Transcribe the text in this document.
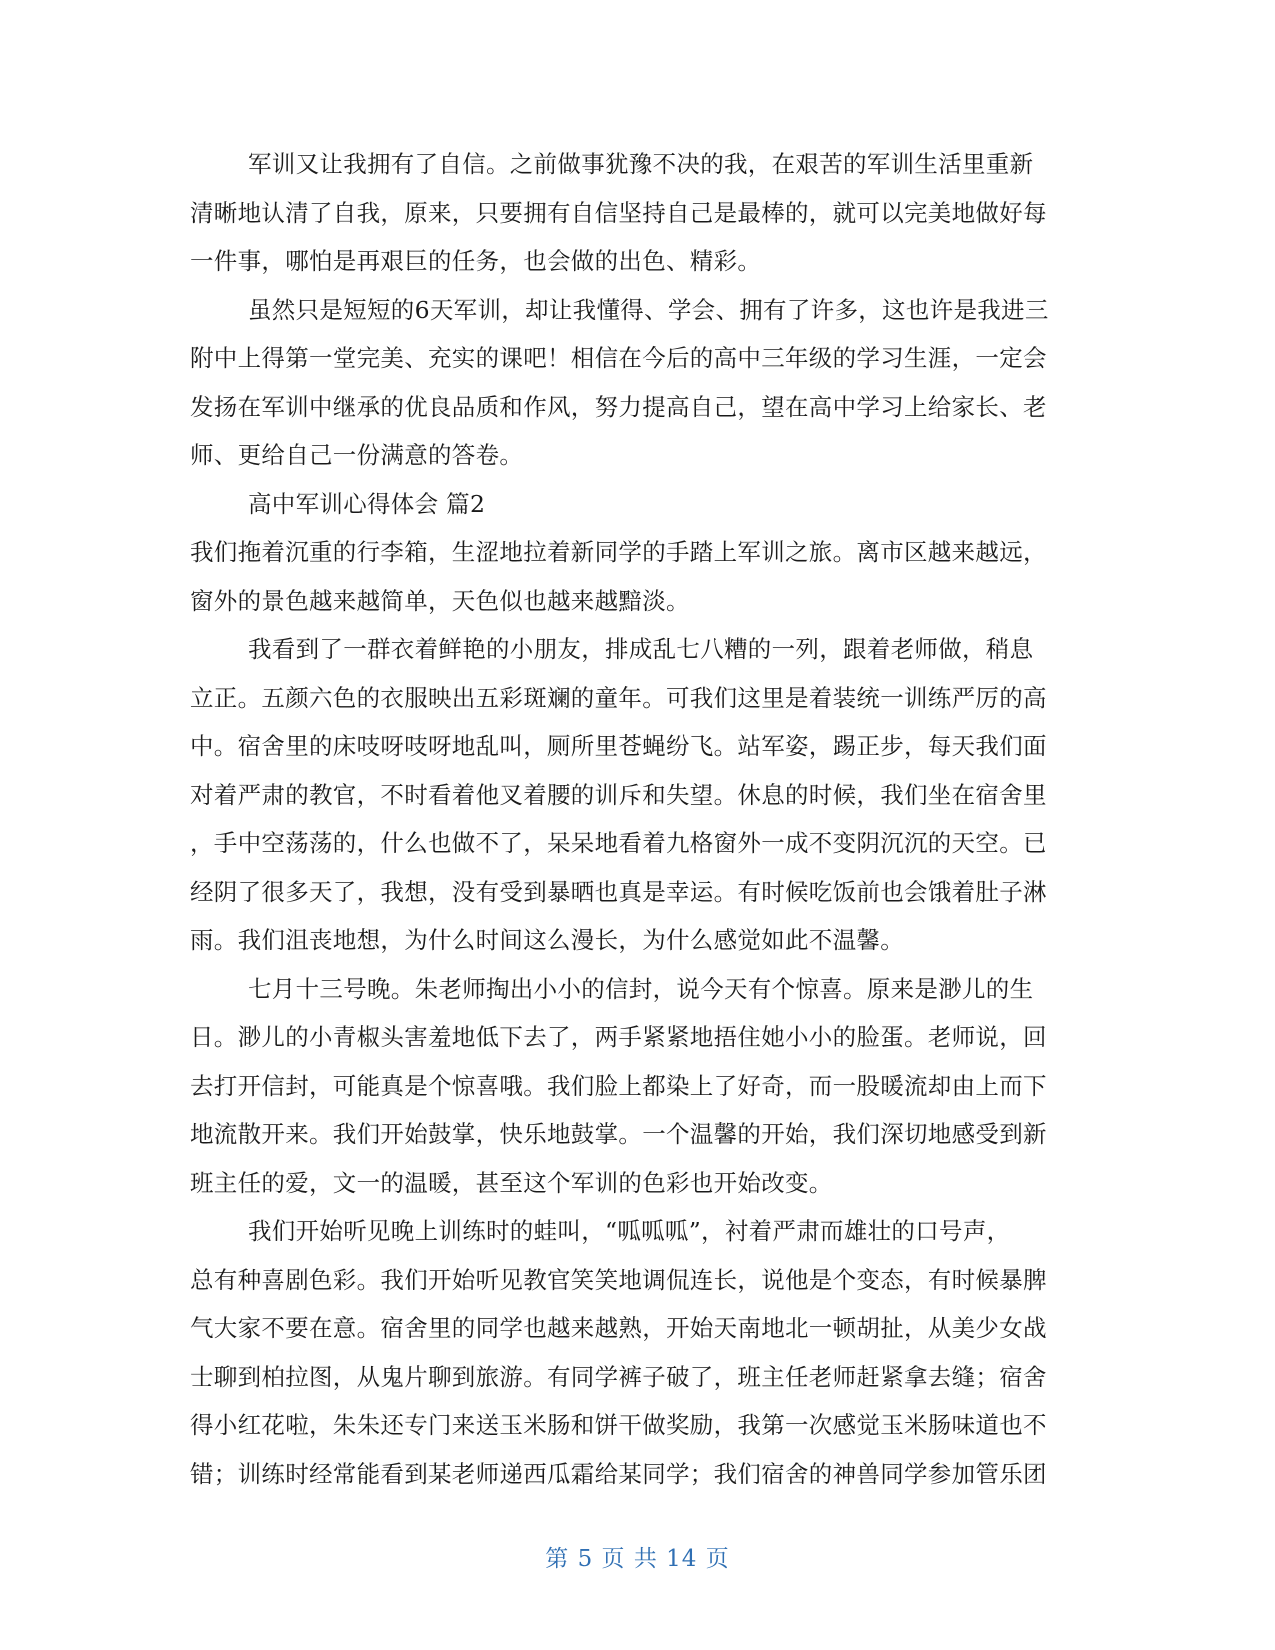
军训又让我拥有了自信。之前做事犹豫不决的我，在艰苦的军训生活里重新
清晰地认清了自我，原来，只要拥有自信坚持自己是最棒的，就可以完美地做好每
一件事，哪怕是再艰巨的任务，也会做的出色、精彩。
虽然只是短短的6天军训，却让我懂得、学会、拥有了许多，这也许是我进三
附中上得第一堂完美、充实的课吧！相信在今后的高中三年级的学习生涯，一定会
发扬在军训中继承的优良品质和作风，努力提高自己，望在高中学习上给家长、老
师、更给自己一份满意的答卷。
高中军训心得体会 篇2
我们拖着沉重的行李箱，生涩地拉着新同学的手踏上军训之旅。离市区越来越远，
窗外的景色越来越简单，天色似也越来越黯淡。
我看到了一群衣着鲜艳的小朋友，排成乱七八糟的一列，跟着老师做，稍息
立正。五颜六色的衣服映出五彩斑斓的童年。可我们这里是着装统一训练严厉的高
中。宿舍里的床吱呀吱呀地乱叫，厕所里苍蝇纷飞。站军姿，踢正步，每天我们面
对着严肃的教官，不时看着他叉着腰的训斥和失望。休息的时候，我们坐在宿舍里
，手中空荡荡的，什么也做不了，呆呆地看着九格窗外一成不变阴沉沉的天空。已
经阴了很多天了，我想，没有受到暴晒也真是幸运。有时候吃饭前也会饿着肚子淋
雨。我们沮丧地想，为什么时间这么漫长，为什么感觉如此不温馨。
七月十三号晚。朱老师掏出小小的信封，说今天有个惊喜。原来是渺儿的生
日。渺儿的小青椒头害羞地低下去了，两手紧紧地捂住她小小的脸蛋。老师说，回
去打开信封，可能真是个惊喜哦。我们脸上都染上了好奇，而一股暖流却由上而下
地流散开来。我们开始鼓掌，快乐地鼓掌。一个温馨的开始，我们深切地感受到新
班主任的爱，文一的温暖，甚至这个军训的色彩也开始改变。
我们开始听见晚上训练时的蛙叫，“呱呱呱”，衬着严肃而雄壮的口号声，
总有种喜剧色彩。我们开始听见教官笑笑地调侃连长，说他是个变态，有时候暴脾
气大家不要在意。宿舍里的同学也越来越熟，开始天南地北一顿胡扯，从美少女战
士聊到柏拉图，从鬼片聊到旅游。有同学裤子破了，班主任老师赶紧拿去缝；宿舍
得小红花啦，朱朱还专门来送玉米肠和饼干做奖励，我第一次感觉玉米肠味道也不
错；训练时经常能看到某老师递西瓜霜给某同学；我们宿舍的神兽同学参加管乐团
第 5 页 共 14 页
